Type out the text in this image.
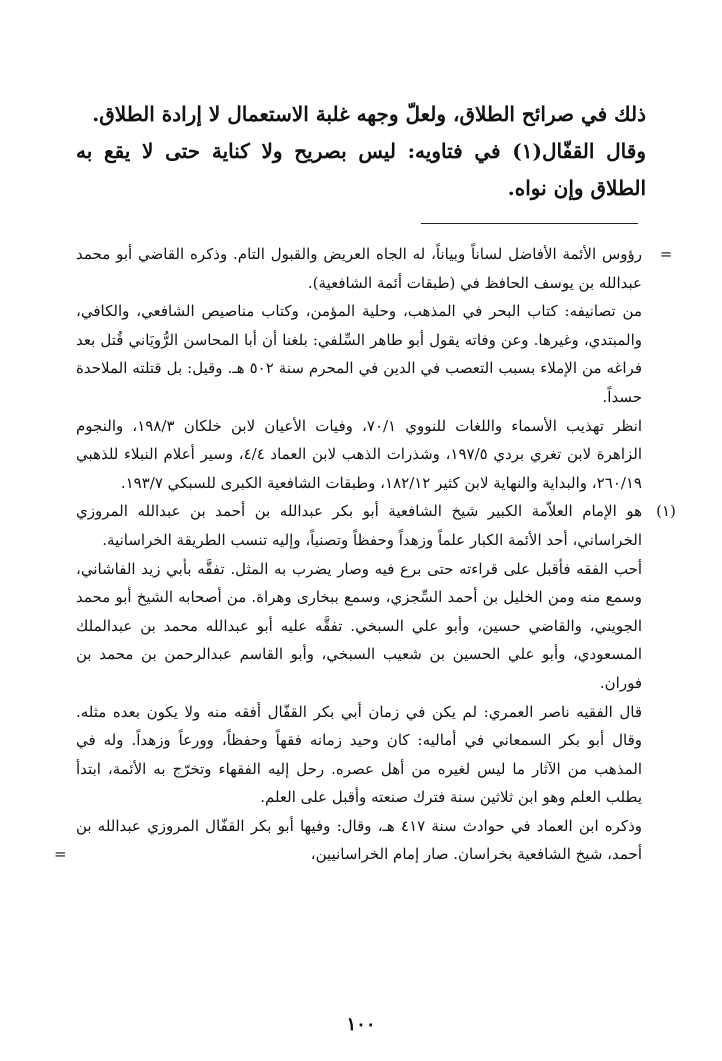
ذلك في صرائح الطلاق، ولعلّ وجهه غلبة الاستعمال لا إرادة الطلاق.

وقال القفّال(١) في فتاويه: ليس بصريح ولا كناية حتى لا يقع به الطلاق وإن نواه.

=

رؤوس الأئمة الأفاضل لساناً وبياناً، له الجاه العريض والقبول التام. وذكره القاضي أبو محمد عبدالله بن يوسف الحافظ في (طبقات أئمة الشافعية).

من تصانيفه: كتاب البحر في المذهب، وحلية المؤمن، وكتاب مناصيص الشافعي، والكافي، والمبتدي، وغيرها. وعن وفاته يقول أبو طاهر السِّلفي: بلغنا أن أبا المحاسن الرُّويَاني قُتل بعد فراغه من الإملاء بسبب التعصب في الدين في المحرم سنة ٥٠٢ هـ. وقيل: بل قتلته الملاحدة حسداً.

انظر تهذيب الأسماء واللغات للنووي ٧٠/١، وفيات الأعيان لابن خلكان ١٩٨/٣، والنجوم الزاهرة لابن تغري بردي ١٩٧/٥، وشذرات الذهب لابن العماد ٤/٤، وسير أعلام النبلاء للذهبي ٢٦٠/١٩، والبداية والنهاية لابن كثير ١٨٢/١٢، وطبقات الشافعية الكبرى للسبكي ١٩٣/٧.

(١)

هو الإمام العلاّمة الكبير شيخ الشافعية أبو بكر عبدالله بن أحمد بن عبدالله المروزي الخراساني، أحد الأئمة الكبار علماً وزهداً وحفظاً وتصنياً، وإليه تنسب الطريقة الخراسانية.

أحب الفقه فأقبل على قراءته حتى برع فيه وصار يضرب به المثل. تفقَّه بأبي زيد الفاشاني، وسمع منه ومن الخليل بن أحمد السِّجزي، وسمع ببخارى وهراة. من أصحابه الشيخ أبو محمد الجويني، والقاضي حسين، وأبو علي السبخي. تفقَّه عليه أبو عبدالله محمد بن عبدالملك المسعودي، وأبو علي الحسين بن شعيب السبخي، وأبو القاسم عبدالرحمن بن محمد بن فوران.

قال الفقيه ناصر العمري: لم يكن في زمان أبي بكر القفّال أفقه منه ولا يكون بعده مثله. وقال أبو بكر السمعاني في أماليه: كان وحيد زمانه فقهاً وحفظاً، وورعاً وزهداً. وله في المذهب من الآثار ما ليس لغيره من أهل عصره. رحل إليه الفقهاء وتخرّج به الأئمة، ابتدأ يطلب العلم وهو ابن ثلاثين سنة فترك صنعته وأقبل على العلم.

وذكره ابن العماد في حوادث سنة ٤١٧ هـ، وقال: وفيها أبو بكر القفّال المروزي عبدالله بن أحمد، شيخ الشافعية بخراسان. صار إمام الخراسانيين،
=

١٠٠
